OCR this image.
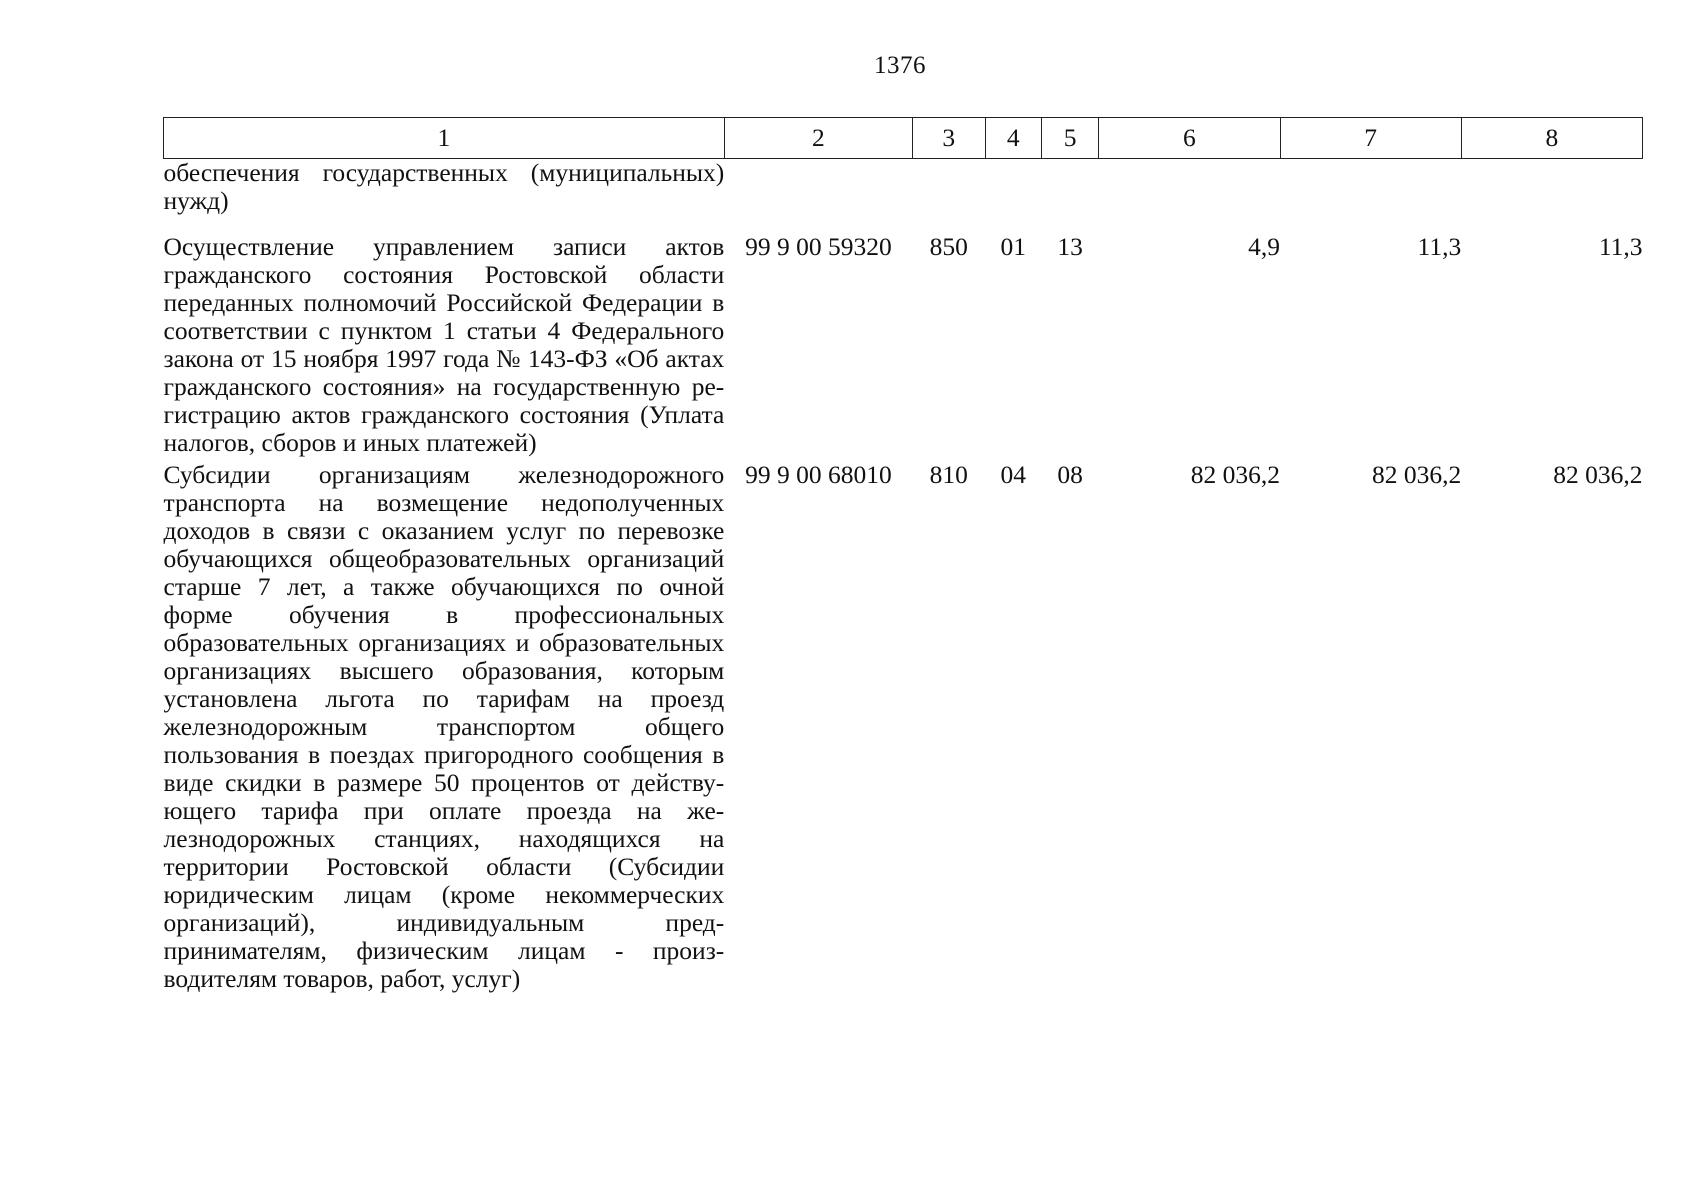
1376
1	2	3	4	5	6	7	8
обеспечения государственных (муниципальных) нужд)							
Осуществление управлением записи актов гражданского состояния Ростовской области переданных полномочий Российской Федерации в соответствии с пунктом 1 статьи 4 Федерального закона от 15 ноября 1997 года № 143-ФЗ «Об актах гражданского состояния» на государственную регистрацию актов гражданского состояния (Уплата налогов, сборов и иных платежей)	99 9 00 59320	850	01	13	4,9	11,3	11,3
Субсидии организациям железнодорожного транспорта на возмещение недополученных доходов в связи с оказанием услуг по перевозке обучающихся общеобразовательных организаций старше 7 лет, а также обучающихся по очной форме обучения в профессиональных образовательных организациях и образовательных организациях высшего образования, которым установлена льгота по тарифам на проезд железнодорожным транспортом общего пользования в поездах пригородного сообщения в виде скидки в размере 50 процентов от действующего тарифа при оплате проезда на железнодорожных станциях, находящихся на территории Ростовской области (Субсидии юридическим лицам (кроме некоммерческих организаций), индивидуальным предпринимателям, физическим лицам - производителям товаров, работ, услуг)	99 9 00 68010	810	04	08	82 036,2	82 036,2	82 036,2
